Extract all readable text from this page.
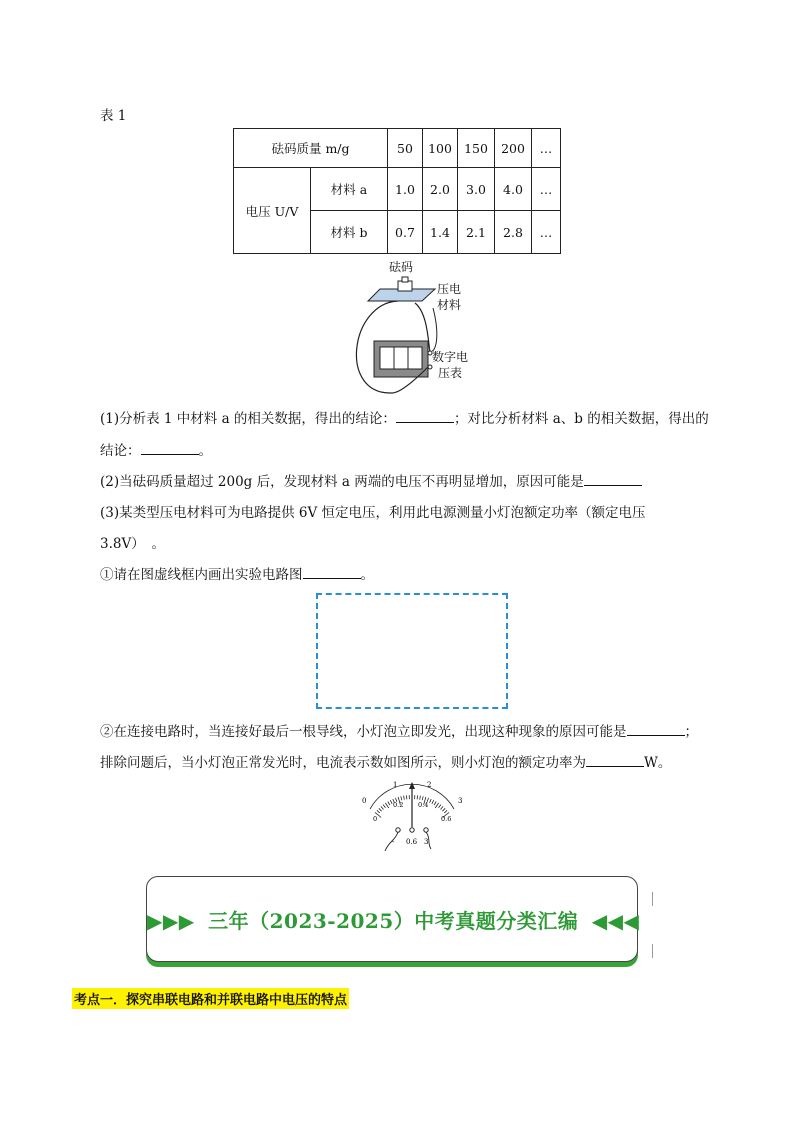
表 1
砝码质量 m/g		50	100	150	200	…
电压 U/V	材料 a	1.0	2.0	3.0	4.0	…
	材料 b	0.7	1.4	2.1	2.8	…
砝码
压电
材料
数字电
压表
(1)分析表 1 中材料 a 的相关数据，得出的结论：	；对比分析材料 a、b 的相关数据，得出的
结论：	。
(2)当砝码质量超过 200g 后，发现材料 a 两端的电压不再明显增加，原因可能是
(3)某类型压电材料可为电路提供 6V 恒定电压，利用此电源测量小灯泡额定功率（额定电压
3.8V）　。
①请在图虚线框内画出实验电路图	。
②在连接电路时，当连接好最后一根导线，小灯泡立即发光，出现这种现象的原因可能是	；
排除问题后，当小灯泡正常发光时，电流表示数如图所示，则小灯泡的额定功率为	W。
0
1	2
3
0
0.2 0.4
0.6
- 0.6 3
▶▶▶ 三年（2023-2025）中考真题分类汇编 ◀◀◀
考点一．探究串联电路和并联电路中电压的特点
